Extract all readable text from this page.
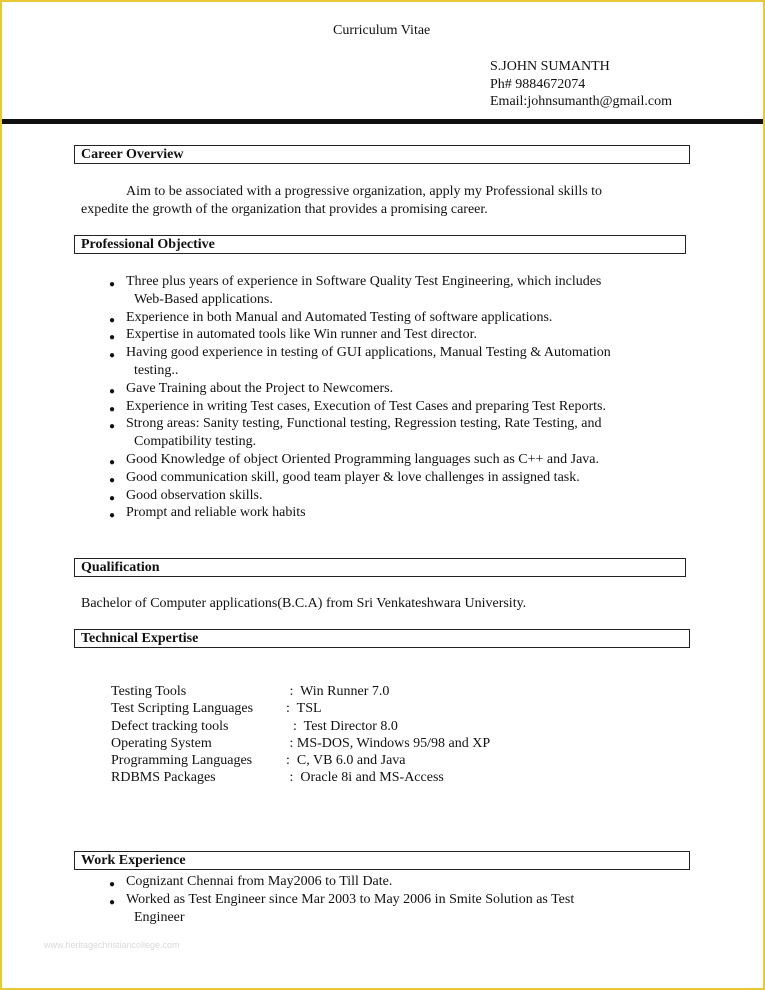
Curriculum Vitae
S.JOHN SUMANTH
Ph# 9884672074
Email:johnsumanth@gmail.com
Career Overview
Aim to be associated with a progressive organization, apply my Professional skills to
expedite the growth of the organization that provides a promising career.
Professional Objective
● Three plus years of experience in Software Quality Test Engineering, which includes
Web-Based applications.
● Experience in both Manual and Automated Testing of software applications.
● Expertise in automated tools like Win runner and Test director.
● Having good experience in testing of GUI applications, Manual Testing & Automation
testing..
● Gave Training about the Project to Newcomers.
● Experience in writing Test cases, Execution of Test Cases and preparing Test Reports.
● Strong areas: Sanity testing, Functional testing, Regression testing, Rate Testing, and
Compatibility testing.
● Good Knowledge of object Oriented Programming languages such as C++ and Java.
● Good communication skill, good team player & love challenges in assigned task.
● Good observation skills.
● Prompt and reliable work habits
Qualification
Bachelor of Computer applications(B.C.A) from Sri Venkateshwara University.
Technical Expertise
Testing Tools	:  Win Runner 7.0
Test Scripting Languages	:  TSL
Defect tracking tools	:  Test Director 8.0
Operating System	: MS-DOS, Windows 95/98 and XP
Programming Languages	:  C, VB 6.0 and Java
RDBMS Packages	:  Oracle 8i and MS-Access
Work Experience
● Cognizant Chennai from May2006 to Till Date.
● Worked as Test Engineer since Mar 2003 to May 2006 in Smite Solution as Test
Engineer
www.heritagechristiancollege.com
